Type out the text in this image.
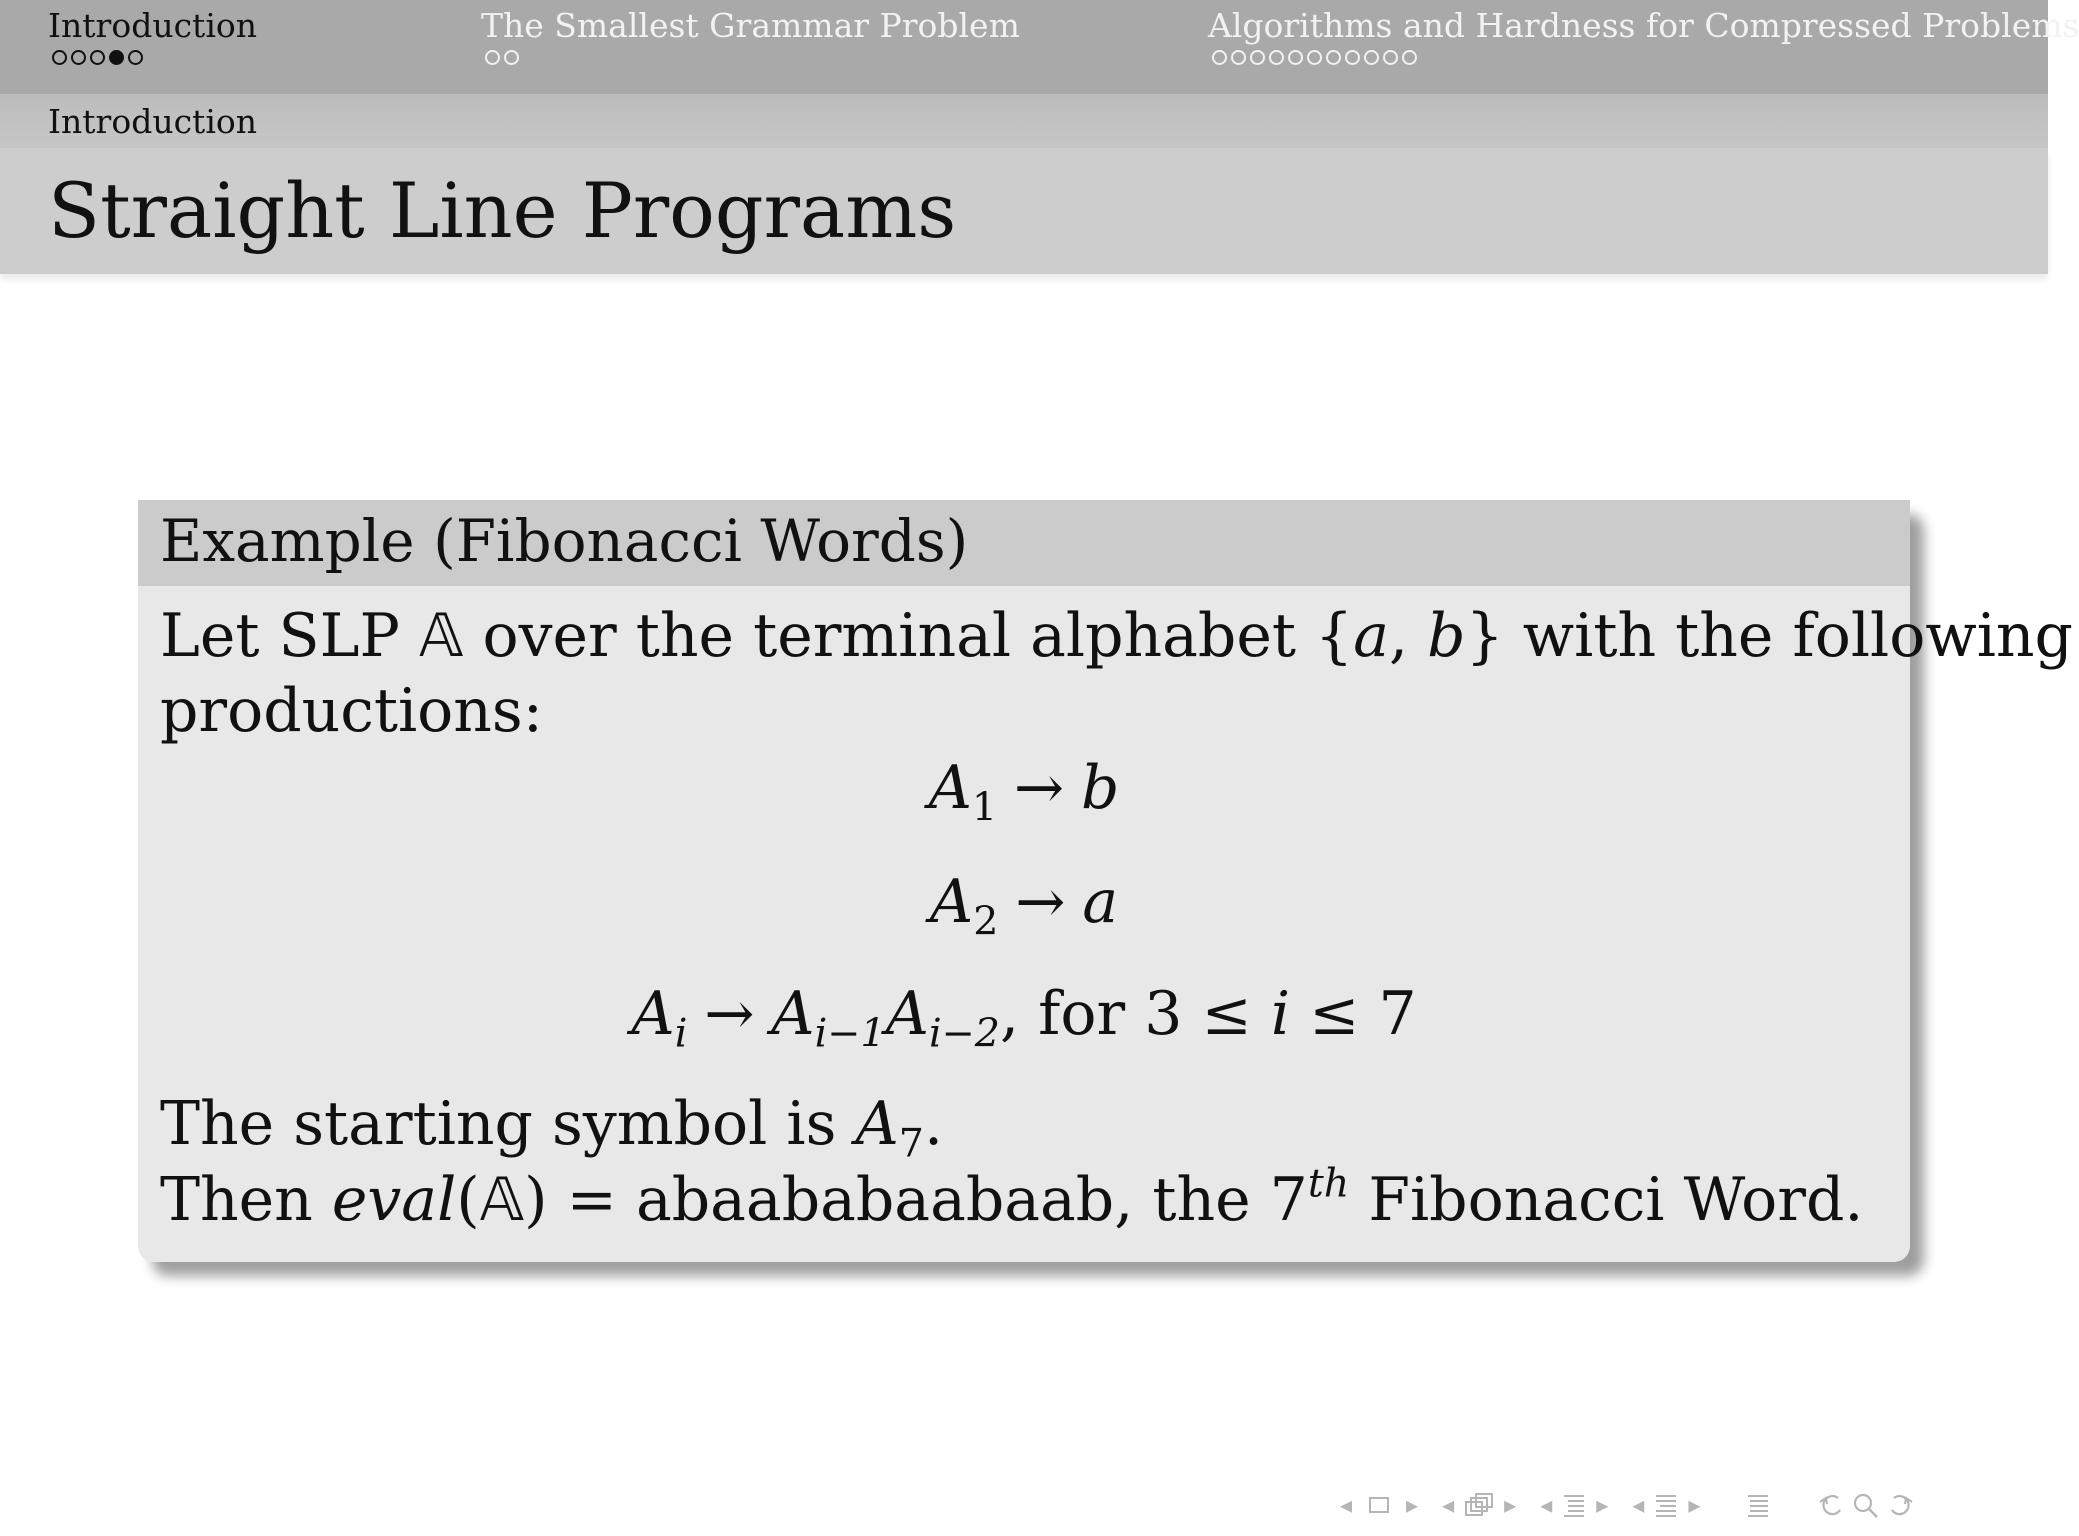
Introduction	The Smallest Grammar Problem	Algorithms and Hardness for Compressed Problems
Introduction
Straight Line Programs
Example (Fibonacci Words)
Let SLP 𝔸 over the terminal alphabet {a, b} with the following
productions:
$A_1 \to b$
$A_2 \to a$
$A_i \to A_{i-1}A_{i-2}$, for 3 ≤ i ≤ 7
The starting symbol is $A_7$.
Then eval(𝔸) = abaababaabaab, the 7th Fibonacci Word.
◂ ▸ ◂ ▸ ◂ ▸ ◂ ▸
